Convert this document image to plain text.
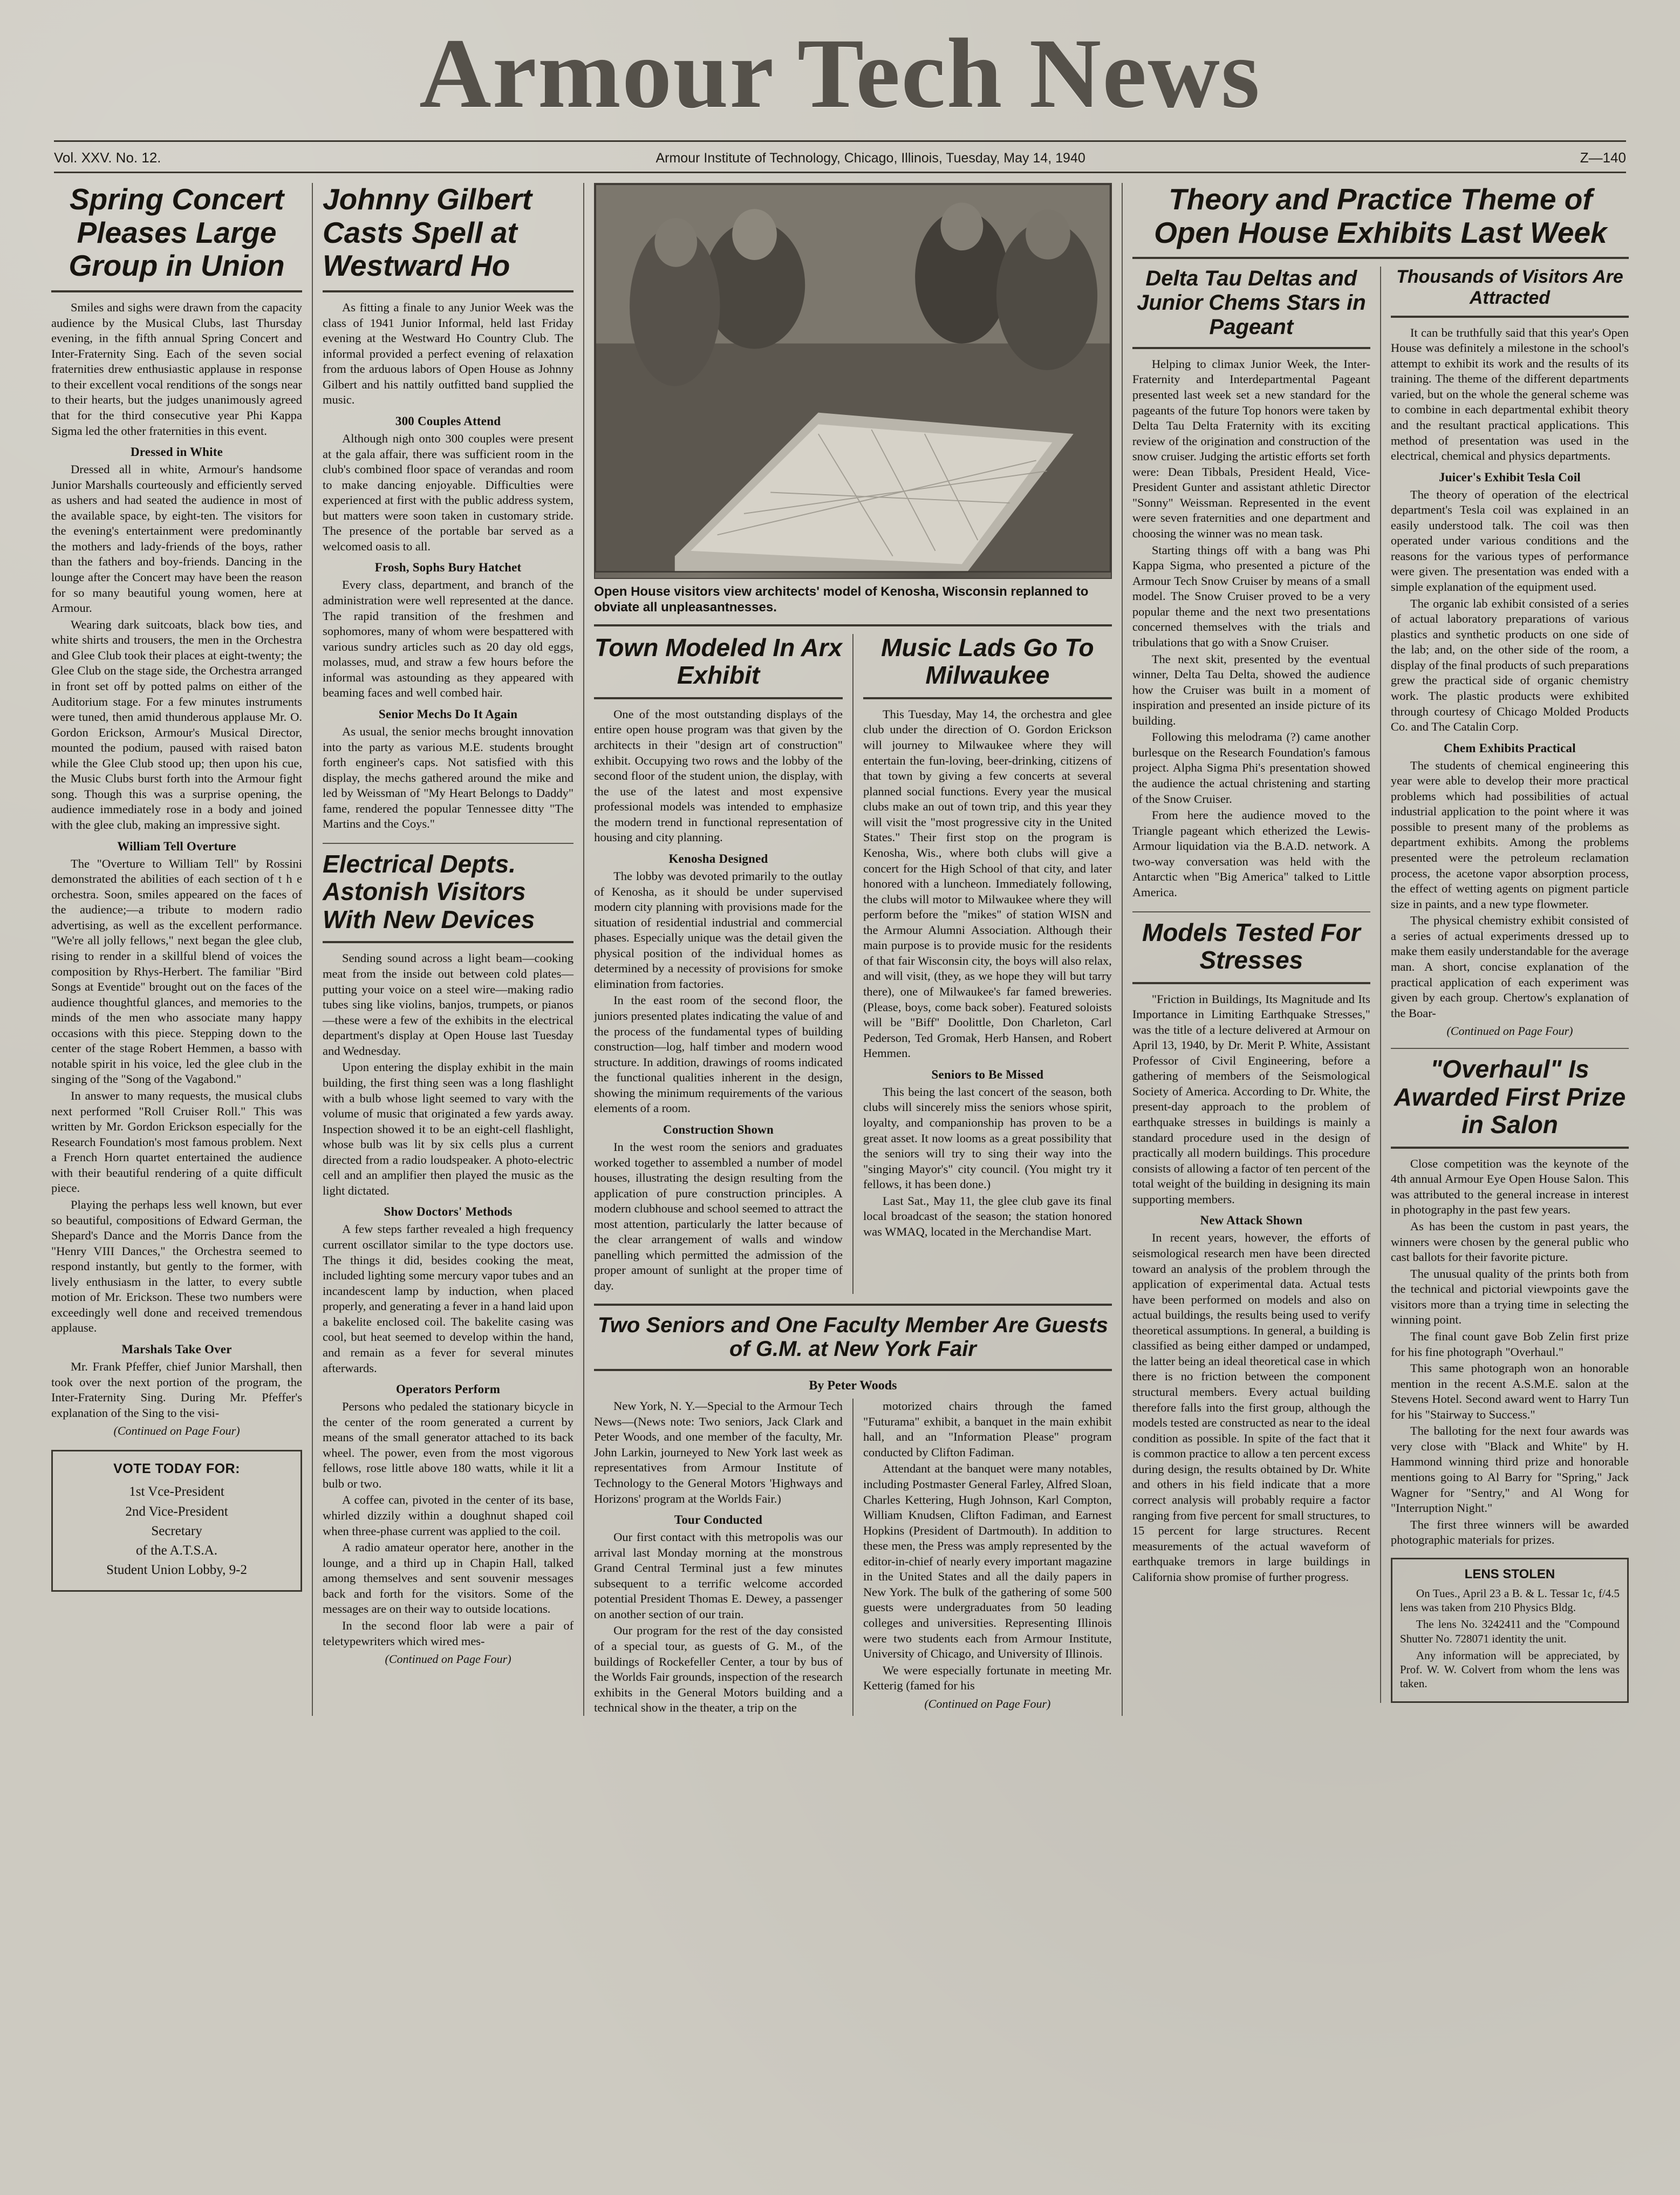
Armour Tech News
Vol. XXV. No. 12.	Armour Institute of Technology, Chicago, Illinois, Tuesday, May 14, 1940	Z—140
Spring Concert Pleases Large Group in Union

Smiles and sighs were drawn from the capacity audience by the Musical Clubs, last Thursday evening, in the fifth annual Spring Concert and Inter-Fraternity Sing. Each of the seven social fraternities drew enthusiastic applause in response to their excellent vocal renditions of the songs near to their hearts, but the judges unanimously agreed that for the third consecutive year Phi Kappa Sigma led the other fraternities in this event.

Dressed in White

Dressed all in white, Armour's handsome Junior Marshalls courteously and efficiently served as ushers and had seated the audience in most of the available space, by eight-ten. The visitors for the evening's entertainment were predominantly the mothers and lady-friends of the boys, rather than the fathers and boy-friends. Dancing in the lounge after the Concert may have been the reason for so many beautiful young women, here at Armour.

Wearing dark suitcoats, black bow ties, and white shirts and trousers, the men in the Orchestra and Glee Club took their places at eight-twenty; the Glee Club on the stage side, the Orchestra arranged in front set off by potted palms on either of the Auditorium stage. For a few minutes instruments were tuned, then amid thunderous applause Mr. O. Gordon Erickson, Armour's Musical Director, mounted the podium, paused with raised baton while the Glee Club stood up; then upon his cue, the Music Clubs burst forth into the Armour fight song. Though this was a surprise opening, the audience immediately rose in a body and joined with the glee club, making an impressive sight.

William Tell Overture

The "Overture to William Tell" by Rossini demonstrated the abilities of each section of t h e orchestra. Soon, smiles appeared on the faces of the audience;—a tribute to modern radio advertising, as well as the excellent performance. "We're all jolly fellows," next began the glee club, rising to render in a skillful blend of voices the composition by Rhys-Herbert. The familiar "Bird Songs at Eventide" brought out on the faces of the audience thoughtful glances, and memories to the minds of the men who associate many happy occasions with this piece. Stepping down to the center of the stage Robert Hemmen, a basso with notable spirit in his voice, led the glee club in the singing of the "Song of the Vagabond."

In answer to many requests, the musical clubs next performed "Roll Cruiser Roll." This was written by Mr. Gordon Erickson especially for the Research Foundation's most famous problem. Next a French Horn quartet entertained the audience with their beautiful rendering of a quite difficult piece.

Playing the perhaps less well known, but ever so beautiful, compositions of Edward German, the Shepard's Dance and the Morris Dance from the "Henry VIII Dances," the Orchestra seemed to respond instantly, but gently to the former, with lively enthusiasm in the latter, to every subtle motion of Mr. Erickson. These two numbers were exceedingly well done and received tremendous applause.

Marshals Take Over

Mr. Frank Pfeffer, chief Junior Marshall, then took over the next portion of the program, the Inter-Fraternity Sing. During Mr. Pfeffer's explanation of the Sing to the visi-

(Continued on Page Four)
VOTE TODAY FOR:
1st Vce-President
2nd Vice-President
Secretary
of the A.T.S.A.
Student Union Lobby, 9-2
Johnny Gilbert Casts Spell at Westward Ho

As fitting a finale to any Junior Week was the class of 1941 Junior Informal, held last Friday evening at the Westward Ho Country Club. The informal provided a perfect evening of relaxation from the arduous labors of Open House as Johnny Gilbert and his nattily outfitted band supplied the music.

300 Couples Attend

Although nigh onto 300 couples were present at the gala affair, there was sufficient room in the club's combined floor space of verandas and room to make dancing enjoyable. Difficulties were experienced at first with the public address system, but matters were soon taken in customary stride. The presence of the portable bar served as a welcomed oasis to all.

Frosh, Sophs Bury Hatchet

Every class, department, and branch of the administration were well represented at the dance. The rapid transition of the freshmen and sophomores, many of whom were bespattered with various sundry articles such as 20 day old eggs, molasses, mud, and straw a few hours before the informal was astounding as they appeared with beaming faces and well combed hair.

Senior Mechs Do It Again

As usual, the senior mechs brought innovation into the party as various M.E. students brought forth engineer's caps. Not satisfied with this display, the mechs gathered around the mike and led by Weissman of "My Heart Belongs to Daddy" fame, rendered the popular Tennessee ditty "The Martins and the Coys."

Electrical Depts. Astonish Visitors With New Devices

Sending sound across a light beam—cooking meat from the inside out between cold plates—putting your voice on a steel wire—making radio tubes sing like violins, banjos, trumpets, or pianos—these were a few of the exhibits in the electrical department's display at Open House last Tuesday and Wednesday.

Upon entering the display exhibit in the main building, the first thing seen was a long flashlight with a bulb whose light seemed to vary with the volume of music that originated a few yards away. Inspection showed it to be an eight-cell flashlight, whose bulb was lit by six cells plus a current directed from a radio loudspeaker. A photo-electric cell and an amplifier then played the music as the light dictated.

Show Doctors' Methods

A few steps farther revealed a high frequency current oscillator similar to the type doctors use. The things it did, besides cooking the meat, included lighting some mercury vapor tubes and an incandescent lamp by induction, when placed properly, and generating a fever in a hand laid upon a bakelite enclosed coil. The bakelite casing was cool, but heat seemed to develop within the hand, and remain as a fever for several minutes afterwards.

Operators Perform

Persons who pedaled the stationary bicycle in the center of the room generated a current by means of the small generator attached to its back wheel. The power, even from the most vigorous fellows, rose little above 180 watts, while it lit a bulb or two.

A coffee can, pivoted in the center of its base, whirled dizzily within a doughnut shaped coil when three-phase current was applied to the coil.

A radio amateur operator here, another in the lounge, and a third up in Chapin Hall, talked among themselves and sent souvenir messages back and forth for the visitors. Some of the messages are on their way to outside locations.

In the second floor lab were a pair of teletypewriters which wired mes-

(Continued on Page Four)
Open House visitors view architects' model of Kenosha, Wisconsin replanned to obviate all unpleasantnesses.
Town Modeled In Arx Exhibit

One of the most outstanding displays of the entire open house program was that given by the architects in their "design art of construction" exhibit. Occupying two rows and the lobby of the second floor of the student union, the display, with the use of the latest and most expensive professional models was intended to emphasize the modern trend in functional representation of housing and city planning.

Kenosha Designed

The lobby was devoted primarily to the outlay of Kenosha, as it should be under supervised modern city planning with provisions made for the situation of residential industrial and commercial phases. Especially unique was the detail given the physical position of the individual homes as determined by a necessity of provisions for smoke elimination from factories.

In the east room of the second floor, the juniors presented plates indicating the value of and the process of the fundamental types of building construction—log, half timber and modern wood structure. In addition, drawings of rooms indicated the functional qualities inherent in the design, showing the minimum requirements of the various elements of a room.

Construction Shown

In the west room the seniors and graduates worked together to assembled a number of model houses, illustrating the design resulting from the application of pure construction principles. A modern clubhouse and school seemed to attract the most attention, particularly the latter because of the clear arrangement of walls and window panelling which permitted the admission of the proper amount of sunlight at the proper time of day.

Music Lads Go To Milwaukee

This Tuesday, May 14, the orchestra and glee club under the direction of O. Gordon Erickson will journey to Milwaukee where they will entertain the fun-loving, beer-drinking, citizens of that town by giving a few concerts at several planned social functions. Every year the musical clubs make an out of town trip, and this year they will visit the "most progressive city in the United States." Their first stop on the program is Kenosha, Wis., where both clubs will give a concert for the High School of that city, and later honored with a luncheon. Immediately following, the clubs will motor to Milwaukee where they will perform before the "mikes" of station WISN and the Armour Alumni Association. Although their main purpose is to provide music for the residents of that fair Wisconsin city, the boys will also relax, and will visit, (they, as we hope they will but tarry there), one of Milwaukee's far famed breweries. (Please, boys, come back sober). Featured soloists will be "Biff" Doolittle, Don Charleton, Carl Pederson, Ted Gromak, Herb Hansen, and Robert Hemmen.

Seniors to Be Missed

This being the last concert of the season, both clubs will sincerely miss the seniors whose spirit, loyalty, and companionship has proven to be a great asset. It now looms as a great possibility that the seniors will try to sing their way into the "singing Mayor's" city council. (You might try it fellows, it has been done.)

Last Sat., May 11, the glee club gave its final local broadcast of the season; the station honored was WMAQ, located in the Merchandise Mart.

Two Seniors and One Faculty Member Are Guests of G.M. at New York Fair
By Peter Woods

New York, N. Y.—Special to the Armour Tech News—(News note: Two seniors, Jack Clark and Peter Woods, and one member of the faculty, Mr. John Larkin, journeyed to New York last week as representatives from Armour Institute of Technology to the General Motors 'Highways and Horizons' program at the Worlds Fair.)

Tour Conducted

Our first contact with this metropolis was our arrival last Monday morning at the monstrous Grand Central Terminal just a few minutes subsequent to a terrific welcome accorded potential President Thomas E. Dewey, a passenger on another section of our train.

Our program for the rest of the day consisted of a special tour, as guests of G. M., of the buildings of Rockefeller Center, a tour by bus of the Worlds Fair grounds, inspection of the research exhibits in the General Motors building and a technical show in the theater, a trip on the

motorized chairs through the famed "Futurama" exhibit, a banquet in the main exhibit hall, and an "Information Please" program conducted by Clifton Fadiman.

Attendant at the banquet were many notables, including Postmaster General Farley, Alfred Sloan, Charles Kettering, Hugh Johnson, Karl Compton, William Knudsen, Clifton Fadiman, and Earnest Hopkins (President of Dartmouth). In addition to these men, the Press was amply represented by the editor-in-chief of nearly every important magazine in the United States and all the daily papers in New York. The bulk of the gathering of some 500 guests were undergraduates from 50 leading colleges and universities. Representing Illinois were two students each from Armour Institute, University of Chicago, and University of Illinois.

We were especially fortunate in meeting Mr. Ketterig (famed for his

(Continued on Page Four)
Theory and Practice Theme of Open House Exhibits Last Week
Delta Tau Deltas and Junior Chems Stars in Pageant

Helping to climax Junior Week, the Inter-Fraternity and Interdepartmental Pageant presented last week set a new standard for the pageants of the future Top honors were taken by Delta Tau Delta Fraternity with its exciting review of the origination and construction of the snow cruiser. Judging the artistic efforts set forth were: Dean Tibbals, President Heald, Vice-President Gunter and assistant athletic Director "Sonny" Weissman. Represented in the event were seven fraternities and one department and choosing the winner was no mean task.

Starting things off with a bang was Phi Kappa Sigma, who presented a picture of the Armour Tech Snow Cruiser by means of a small model. The Snow Cruiser proved to be a very popular theme and the next two presentations concerned themselves with the trials and tribulations that go with a Snow Cruiser.

The next skit, presented by the eventual winner, Delta Tau Delta, showed the audience how the Cruiser was built in a moment of inspiration and presented an inside picture of its building.

Following this melodrama (?) came another burlesque on the Research Foundation's famous project. Alpha Sigma Phi's presentation showed the audience the actual christening and starting of the Snow Cruiser.

From here the audience moved to the Triangle pageant which etherized the Lewis-Armour liquidation via the B.A.D. network. A two-way conversation was held with the Antarctic when "Big America" talked to Little America.

Models Tested For Stresses

"Friction in Buildings, Its Magnitude and Its Importance in Limiting Earthquake Stresses," was the title of a lecture delivered at Armour on April 13, 1940, by Dr. Merit P. White, Assistant Professor of Civil Engineering, before a gathering of members of the Seismological Society of America. According to Dr. White, the present-day approach to the problem of earthquake stresses in buildings is mainly a standard procedure used in the design of practically all modern buildings. This procedure consists of allowing a factor of ten percent of the total weight of the building in designing its main supporting members.

New Attack Shown

In recent years, however, the efforts of seismological research men have been directed toward an analysis of the problem through the application of experimental data. Actual tests have been performed on models and also on actual buildings, the results being used to verify theoretical assumptions. In general, a building is classified as being either damped or undamped, the latter being an ideal theoretical case in which there is no friction between the component structural members. Every actual building therefore falls into the first group, although the models tested are constructed as near to the ideal condition as possible. In spite of the fact that it is common practice to allow a ten percent excess during design, the results obtained by Dr. White and others in his field indicate that a more correct analysis will probably require a factor ranging from five percent for small structures, to 15 percent for large structures. Recent measurements of the actual waveform of earthquake tremors in large buildings in California show promise of further progress.

Thousands of Visitors Are Attracted

It can be truthfully said that this year's Open House was definitely a milestone in the school's attempt to exhibit its work and the results of its training. The theme of the different departments varied, but on the whole the general scheme was to combine in each departmental exhibit theory and the resultant practical applications. This method of presentation was used in the electrical, chemical and physics departments.

Juicer's Exhibit Tesla Coil

The theory of operation of the electrical department's Tesla coil was explained in an easily understood talk. The coil was then operated under various conditions and the reasons for the various types of performance were given. The presentation was ended with a simple explanation of the equipment used.

The organic lab exhibit consisted of a series of actual laboratory preparations of various plastics and synthetic products on one side of the lab; and, on the other side of the room, a display of the final products of such preparations grew the practical side of organic chemistry work. The plastic products were exhibited through courtesy of Chicago Molded Products Co. and The Catalin Corp.

Chem Exhibits Practical

The students of chemical engineering this year were able to develop their more practical problems which had possibilities of actual industrial application to the point where it was possible to present many of the problems as department exhibits. Among the problems presented were the petroleum reclamation process, the acetone vapor absorption process, the effect of wetting agents on pigment particle size in paints, and a new type flowmeter.

The physical chemistry exhibit consisted of a series of actual experiments dressed up to make them easily understandable for the average man. A short, concise explanation of the practical application of each experiment was given by each group. Chertow's explanation of the Boar-

(Continued on Page Four)
"Overhaul" Is Awarded First Prize in Salon

Close competition was the keynote of the 4th annual Armour Eye Open House Salon. This was attributed to the general increase in interest in photography in the past few years.

As has been the custom in past years, the winners were chosen by the general public who cast ballots for their favorite picture.

The unusual quality of the prints both from the technical and pictorial viewpoints gave the visitors more than a trying time in selecting the winning point.

The final count gave Bob Zelin first prize for his fine photograph "Overhaul."

This same photograph won an honorable mention in the recent A.S.M.E. salon at the Stevens Hotel. Second award went to Harry Tun for his "Stairway to Success."

The balloting for the next four awards was very close with "Black and White" by H. Hammond winning third prize and honorable mentions going to Al Barry for "Spring," Jack Wagner for "Sentry," and Al Wong for "Interruption Night."

The first three winners will be awarded photographic materials for prizes.

LENS STOLEN

On Tues., April 23 a B. & L. Tessar 1c, f/4.5 lens was taken from 210 Physics Bldg.

The lens No. 3242411 and the "Compound Shutter No. 728071 identity the unit.

Any information will be appreciated, by Prof. W. W. Colvert from whom the lens was taken.
